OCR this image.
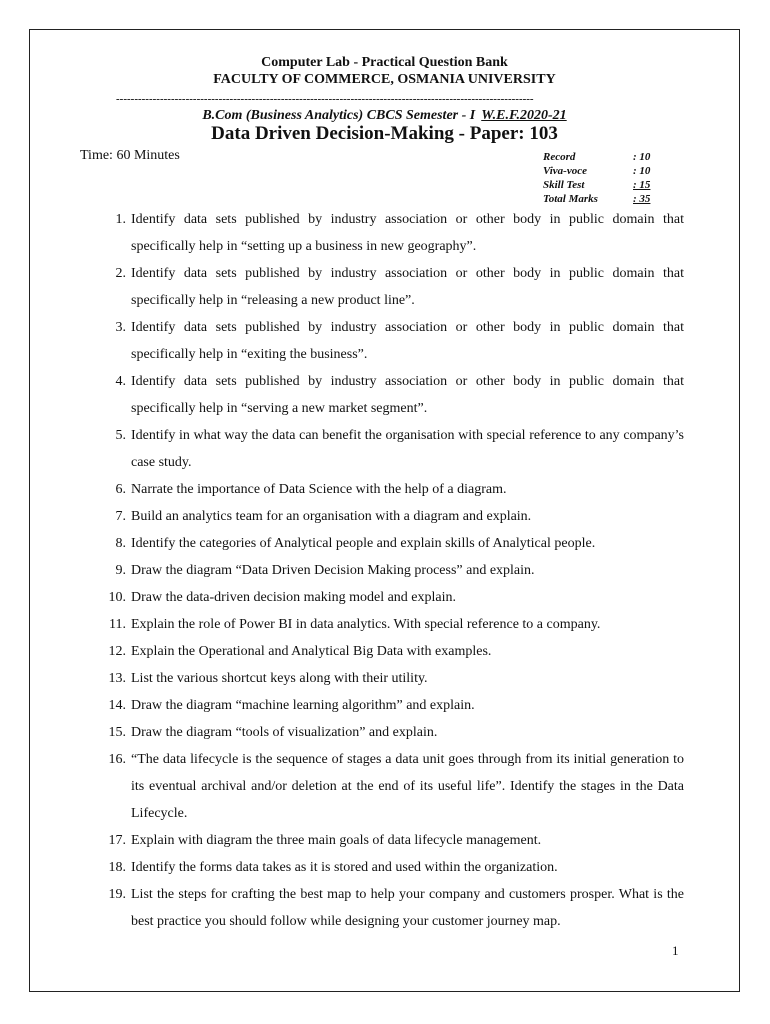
Computer Lab - Practical Question Bank
FACULTY OF COMMERCE, OSMANIA UNIVERSITY
------------------------------------------------------------------------------------------------------------------
B.Com (Business Analytics) CBCS Semester - I W.E.F.2020-21
Data Driven Decision-Making - Paper: 103
Time: 60 Minutes	Record	: 10
Viva-voce	: 10
Skill Test	: 15
Total Marks	: 35
1. Identify data sets published by industry association or other body in public domain that specifically help in “setting up a business in new geography”.
2. Identify data sets published by industry association or other body in public domain that specifically help in “releasing a new product line”.
3. Identify data sets published by industry association or other body in public domain that specifically help in “exiting the business”.
4. Identify data sets published by industry association or other body in public domain that specifically help in “serving a new market segment”.
5. Identify in what way the data can benefit the organisation with special reference to any company’s case study.
6. Narrate the importance of Data Science with the help of a diagram.
7. Build an analytics team for an organisation with a diagram and explain.
8. Identify the categories of Analytical people and explain skills of Analytical people.
9. Draw the diagram “Data Driven Decision Making process” and explain.
10. Draw the data-driven decision making model and explain.
11. Explain the role of Power BI in data analytics. With special reference to a company.
12. Explain the Operational and Analytical Big Data with examples.
13. List the various shortcut keys along with their utility.
14. Draw the diagram “machine learning algorithm” and explain.
15. Draw the diagram “tools of visualization” and explain.
16. “The data lifecycle is the sequence of stages a data unit goes through from its initial generation to its eventual archival and/or deletion at the end of its useful life”. Identify the stages in the Data Lifecycle.
17. Explain with diagram the three main goals of data lifecycle management.
18. Identify the forms data takes as it is stored and used within the organization.
19. List the steps for crafting the best map to help your company and customers prosper. What is the best practice you should follow while designing your customer journey map.
1
